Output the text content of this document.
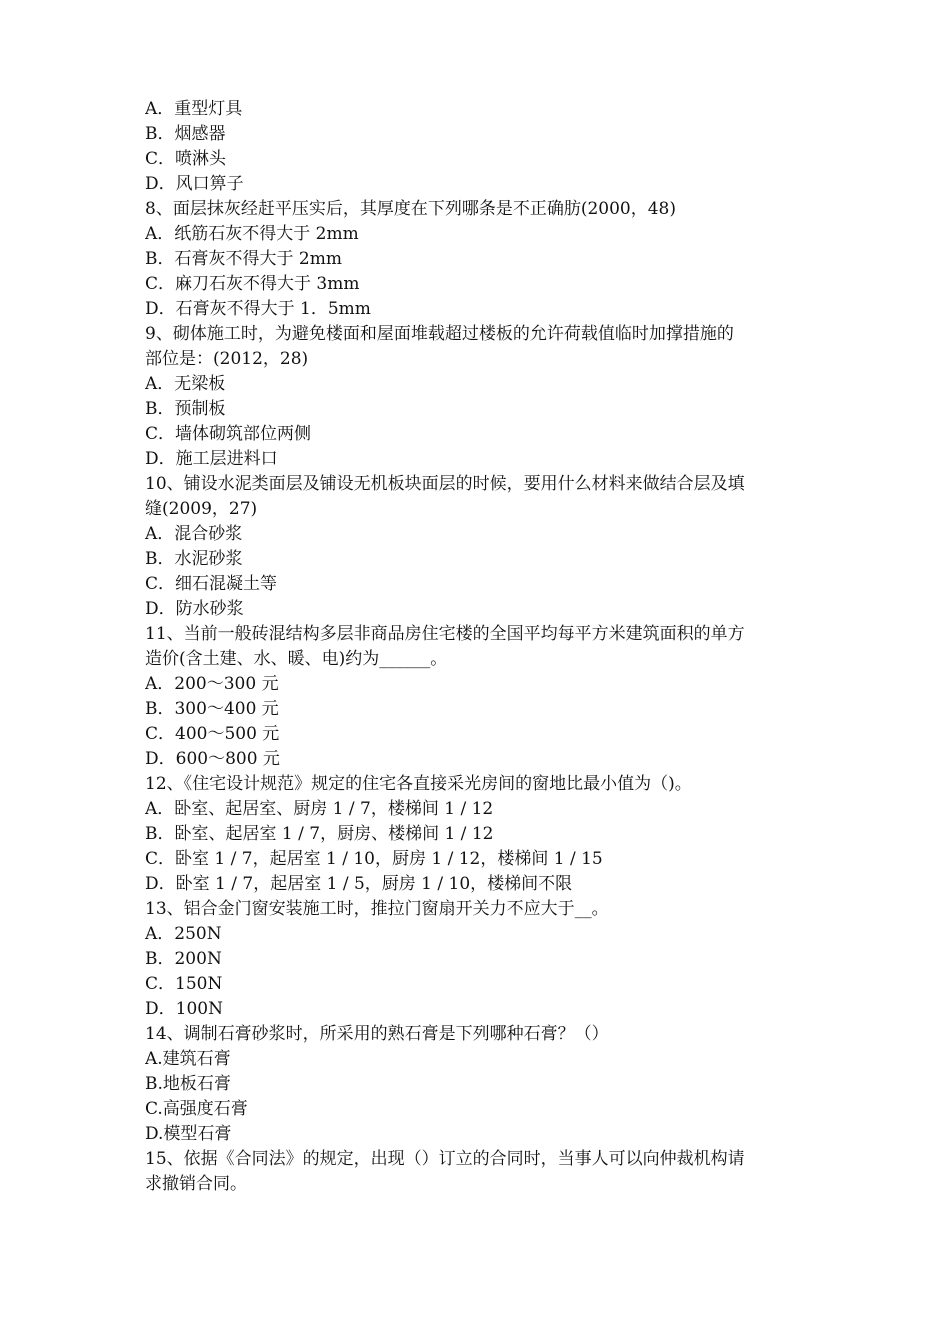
A．重型灯具
B．烟感器
C．喷淋头
D．风口箅子
8、面层抹灰经赶平压实后，其厚度在下列哪条是不正确肪(2000，48)
A．纸筋石灰不得大于 2mm
B．石膏灰不得大于 2mm
C．麻刀石灰不得大于 3mm
D．石膏灰不得大于 1．5mm
9、砌体施工时，为避免楼面和屋面堆载超过楼板的允许荷载值临时加撑措施的
部位是：(2012，28)
A．无梁板
B．预制板
C．墙体砌筑部位两侧
D．施工层进料口
10、铺设水泥类面层及铺设无机板块面层的时候，要用什么材料来做结合层及填
缝(2009，27)
A．混合砂浆
B．水泥砂浆
C．细石混凝土等
D．防水砂浆
11、当前一般砖混结构多层非商品房住宅楼的全国平均每平方米建筑面积的单方
造价(含土建、水、暖、电)约为______。
A．200～300 元
B．300～400 元
C．400～500 元
D．600～800 元
12、《住宅设计规范》规定的住宅各直接采光房间的窗地比最小值为（)。
A．卧室、起居室、厨房 1 / 7，楼梯间 1 / 12
B．卧室、起居室 1 / 7，厨房、楼梯间 1 / 12
C．卧室 1 / 7，起居室 1 / 10，厨房 1 / 12，楼梯间 1 / 15
D．卧室 1 / 7，起居室 1 / 5，厨房 1 / 10，楼梯间不限
13、铝合金门窗安装施工时，推拉门窗扇开关力不应大于__。
A．250N
B．200N
C．150N
D．100N
14、调制石膏砂浆时，所采用的熟石膏是下列哪种石膏？（）
A.建筑石膏
B.地板石膏
C.高强度石膏
D.模型石膏
15、依据《合同法》的规定，出现（）订立的合同时，当事人可以向仲裁机构请
求撤销合同。
